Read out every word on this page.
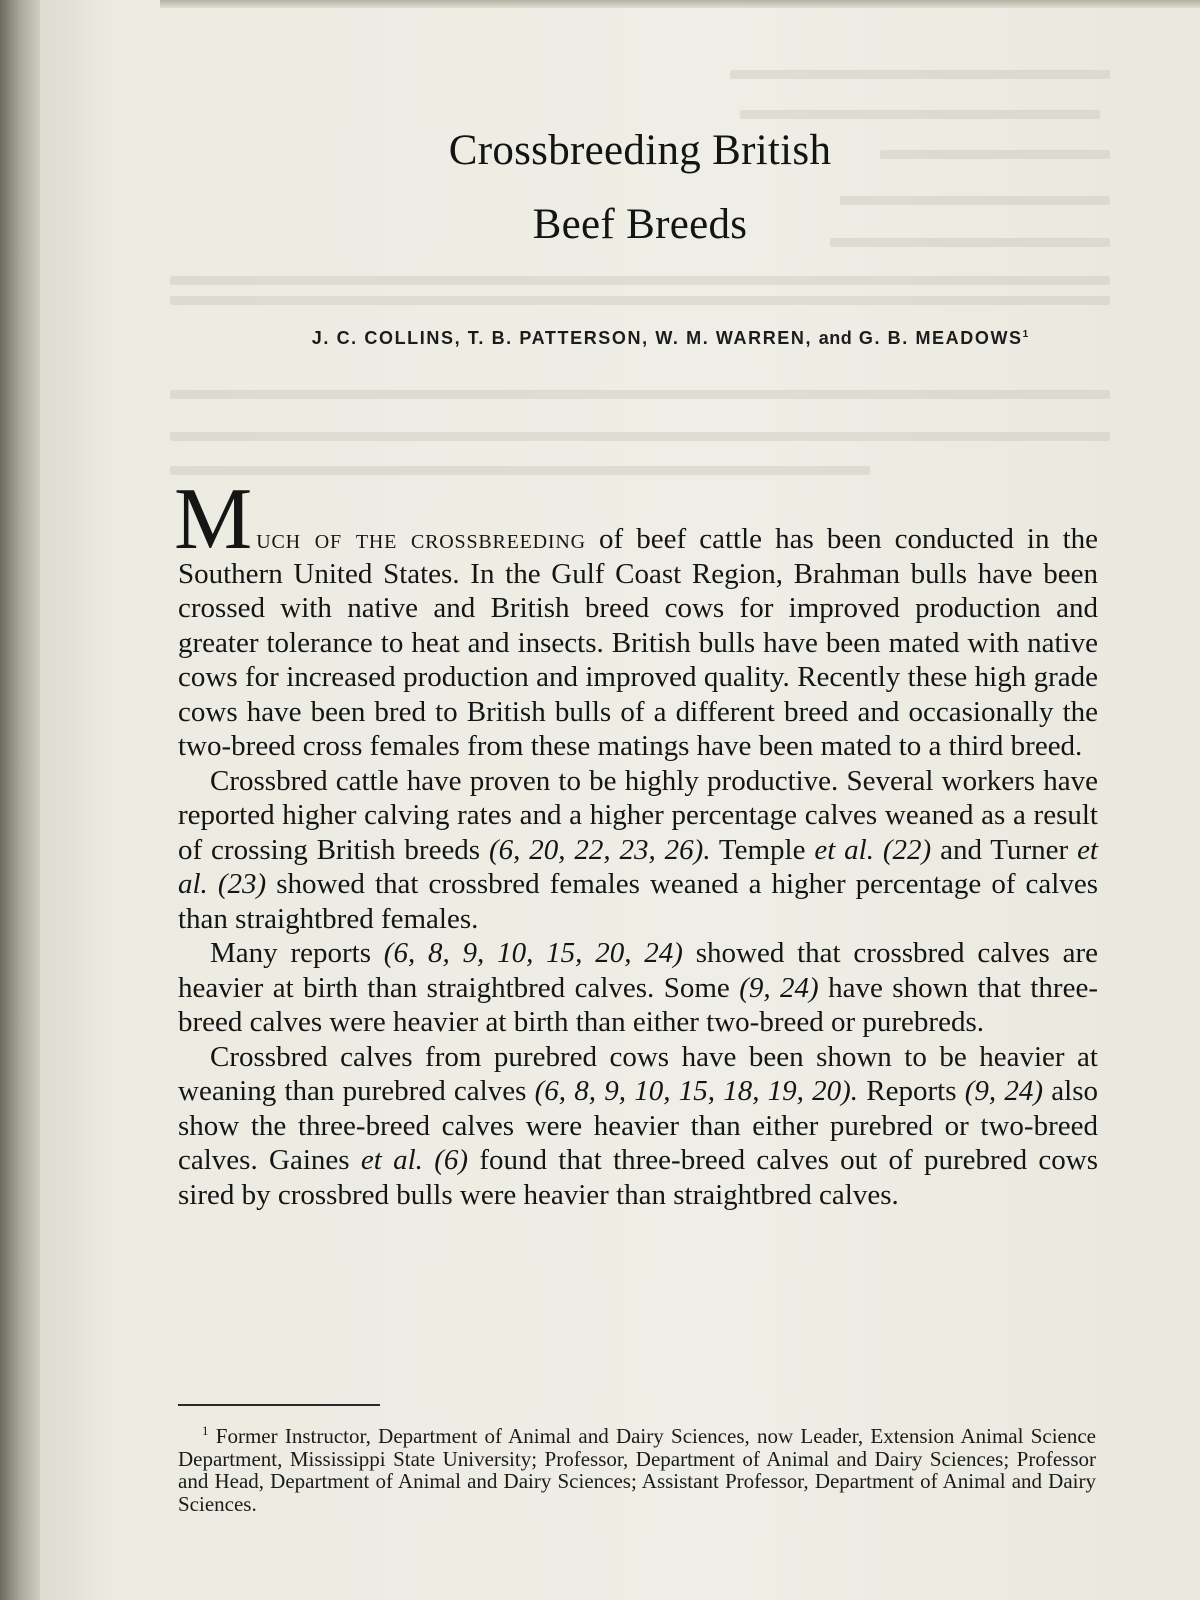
Crossbreeding British
Beef Breeds
J. C. COLLINS, T. B. PATTERSON, W. M. WARREN, and G. B. MEADOWS$^1$

Much of the crossbreeding of beef cattle has been conducted in the Southern United States. In the Gulf Coast Region, Brahman bulls have been crossed with native and British breed cows for improved production and greater tolerance to heat and insects. British bulls have been mated with native cows for increased production and improved quality. Recently these high grade cows have been bred to British bulls of a different breed and occasionally the two-breed cross females from these matings have been mated to a third breed.

Crossbred cattle have proven to be highly productive. Several workers have reported higher calving rates and a higher percentage calves weaned as a result of crossing British breeds (6, 20, 22, 23, 26). Temple et al. (22) and Turner et al. (23) showed that crossbred females weaned a higher percentage of calves than straightbred females.

Many reports (6, 8, 9, 10, 15, 20, 24) showed that crossbred calves are heavier at birth than straightbred calves. Some (9, 24) have shown that three-breed calves were heavier at birth than either two-breed or purebreds.

Crossbred calves from purebred cows have been shown to be heavier at weaning than purebred calves (6, 8, 9, 10, 15, 18, 19, 20). Reports (9, 24) also show the three-breed calves were heavier than either purebred or two-breed calves. Gaines et al. (6) found that three-breed calves out of purebred cows sired by crossbred bulls were heavier than straightbred calves.

$^1$ Former Instructor, Department of Animal and Dairy Sciences, now Leader, Extension Animal Science Department, Mississippi State University; Professor, Department of Animal and Dairy Sciences; Professor and Head, Department of Animal and Dairy Sciences; Assistant Professor, Department of Animal and Dairy Sciences.
